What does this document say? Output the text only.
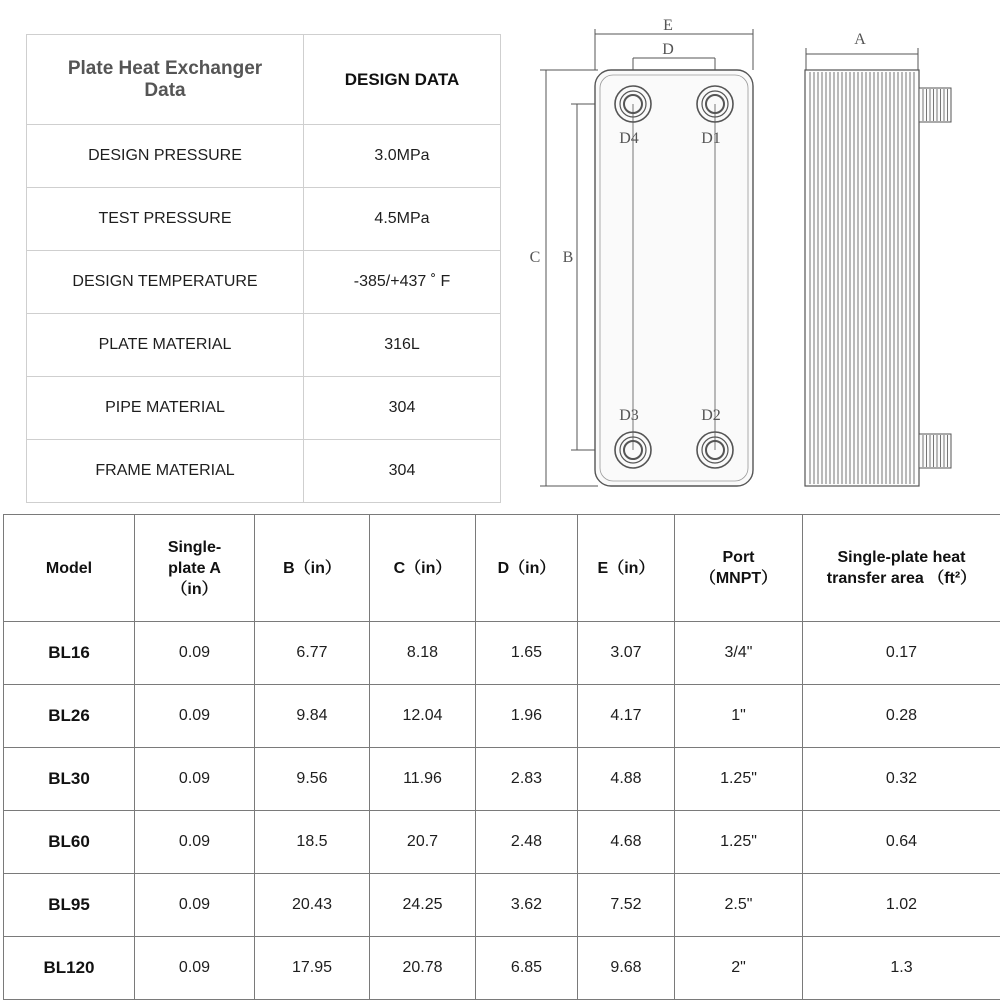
Plate Heat Exchanger Data	DESIGN DATA
DESIGN PRESSURE	3.0MPa
TEST PRESSURE	4.5MPa
DESIGN TEMPERATURE	-385/+437 ˚ F
PLATE MATERIAL	316L
PIPE MATERIAL	304
FRAME MATERIAL	304
E
D
A
C B
D4	D1
D3	D2
Model	Single-plate A（in）	B（in）	C（in）	D（in）	E（in）	Port （MNPT）	Single-plate heat transfer area （ft²）
BL16	0.09	6.77	8.18	1.65	3.07	3/4"	0.17
BL26	0.09	9.84	12.04	1.96	4.17	1"	0.28
BL30	0.09	9.56	11.96	2.83	4.88	1.25"	0.32
BL60	0.09	18.5	20.7	2.48	4.68	1.25"	0.64
BL95	0.09	20.43	24.25	3.62	7.52	2.5"	1.02
BL120	0.09	17.95	20.78	6.85	9.68	2"	1.3
